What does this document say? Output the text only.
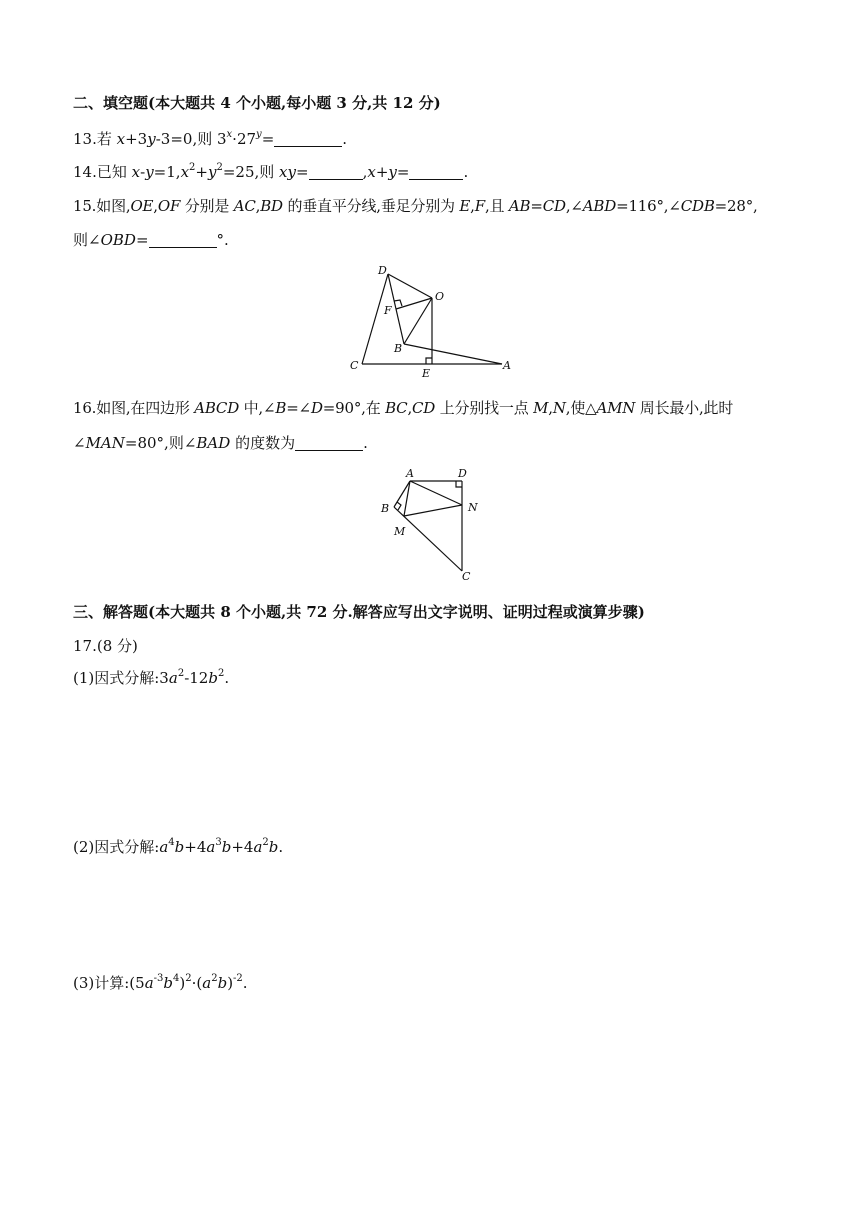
二、填空题(本大题共 4 个小题,每小题 3 分,共 12 分)
13.若 x+3y-3=0,则 $3^x\cdot 27^y=$	.
14.已知 $x-y=1,x^2+y^2=25$,则 xy=	,x+y=	.
15.如图,OE,OF 分别是 AC,BD 的垂直平分线,垂足分别为 E,F,且 AB=CD,∠ABD=116°,∠CDB=28°,
则∠OBD=	°.
D
O
F
B
C
E
A
16.如图,在四边形 ABCD 中,∠B=∠D=90°,在 BC,CD 上分别找一点 M,N,使△AMN 周长最小,此时
∠MAN=80°,则∠BAD 的度数为	.
A	D
B	N
M
C
三、解答题(本大题共 8 个小题,共 72 分.解答应写出文字说明、证明过程或演算步骤)
17.(8 分)
(1)因式分解$:3a^2-12b^2$.
(2)因式分解$:a^4b+4a^3b+4a^2b$.
(3)计算$:(5a^{-3}b^4)^2\cdot(a^2b)^{-2}$.
